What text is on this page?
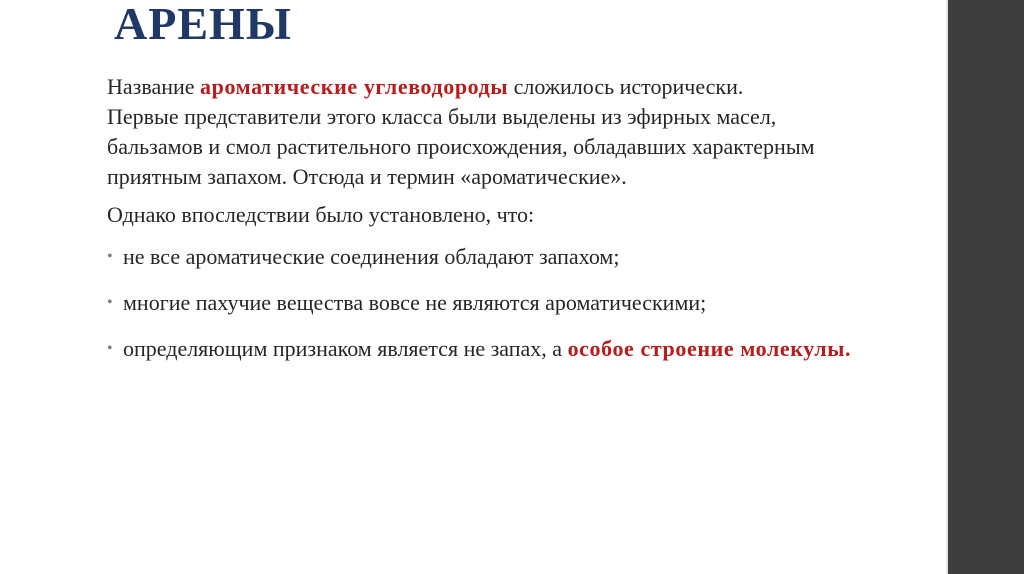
АРЕНЫ

Название ароматические углеводороды сложилось исторически.

Первые представители этого класса были выделены из эфирных масел, бальзамов и смол растительного происхождения, обладавших характерным приятным запахом. Отсюда и термин «ароматические».

Однако впоследствии было установлено, что:

• не все ароматические соединения обладают запахом;
• многие пахучие вещества вовсе не являются ароматическими;
• определяющим признаком является не запах, а особое строение молекулы.
